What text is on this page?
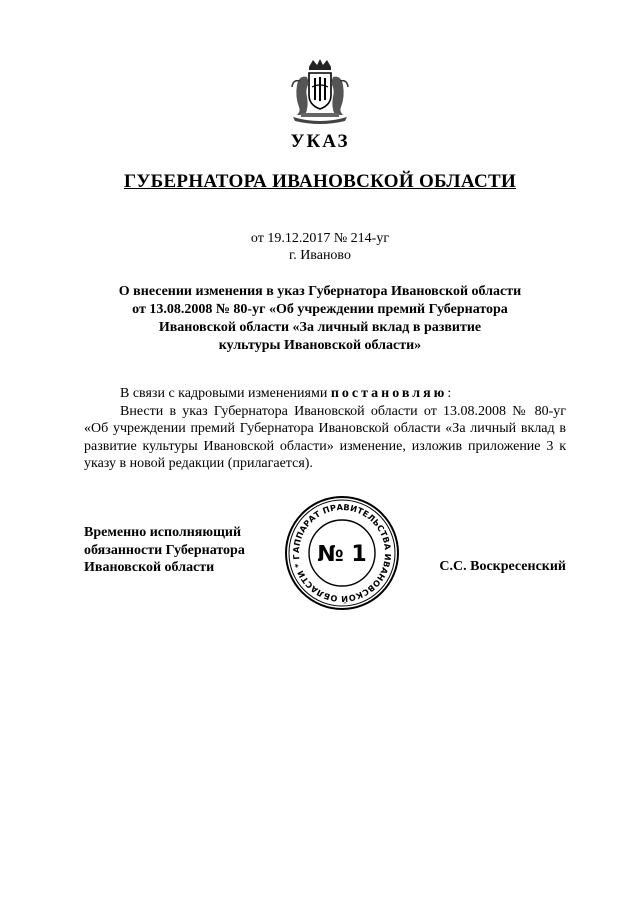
УКАЗ
ГУБЕРНАТОРА ИВАНОВСКОЙ ОБЛАСТИ
от 19.12.2017 № 214-уг
г. Иваново
О внесении изменения в указ Губернатора Ивановской области
от 13.08.2008 № 80-уг «Об учреждении премий Губернатора
Ивановской области «За личный вклад в развитие
культуры Ивановской области»

В связи с кадровыми изменениями постановляю:

Внести в указ Губернатора Ивановской области от 13.08.2008 № 80-уг «Об учреждении премий Губернатора Ивановской области «За личный вклад в развитие культуры Ивановской области» изменение, изложив приложение 3 к указу в новой редакции (прилагается).

Временно исполняющий
обязанности Губернатора
Ивановской области
АППАРАТ ПРАВИТЕЛЬСТВА ИВАНОВСКОЙ ОБЛАСТИ * Г № 1	С.С. Воскресенский
